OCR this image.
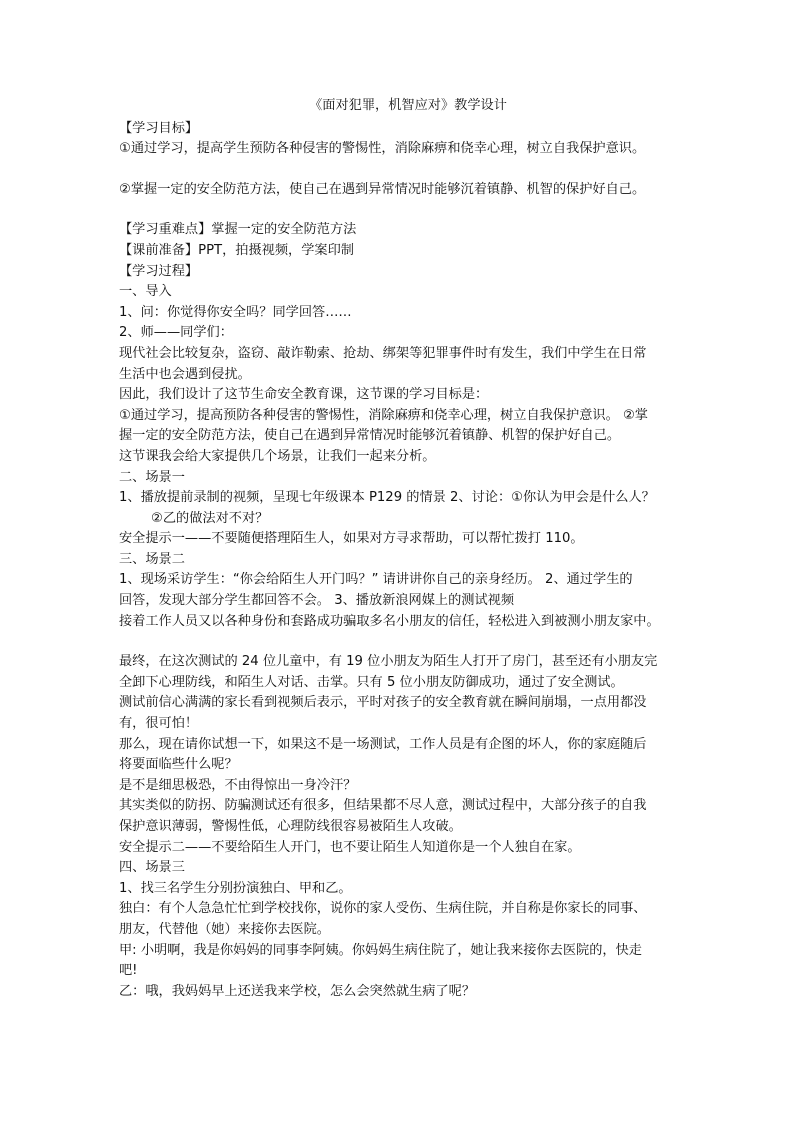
《面对犯罪，机智应对》教学设计
【学习目标】
①通过学习，提高学生预防各种侵害的警惕性，消除麻痹和侥幸心理，树立自我保护意识。
②掌握一定的安全防范方法，使自己在遇到异常情况时能够沉着镇静、机智的保护好自己。
【学习重难点】掌握一定的安全防范方法
【课前准备】PPT，拍摄视频，学案印制
【学习过程】
一、导入
1、问：你觉得你安全吗？同学回答……
2、师——同学们：
现代社会比较复杂，盗窃、敲诈勒索、抢劫、绑架等犯罪事件时有发生，我们中学生在日常
生活中也会遇到侵扰。
因此，我们设计了这节生命安全教育课，这节课的学习目标是：
①通过学习，提高预防各种侵害的警惕性，消除麻痹和侥幸心理，树立自我保护意识。 ②掌
握一定的安全防范方法，使自己在遇到异常情况时能够沉着镇静、机智的保护好自己。
这节课我会给大家提供几个场景，让我们一起来分析。
二、场景一
1、播放提前录制的视频，呈现七年级课本 P129 的情景 2、讨论：①你认为甲会是什么人？
②乙的做法对不对？
安全提示一——不要随便搭理陌生人，如果对方寻求帮助，可以帮忙拨打 110。
三、场景二
1、现场采访学生：“你会给陌生人开门吗？” 请讲讲你自己的亲身经历。 2、通过学生的
回答，发现大部分学生都回答不会。 3、播放新浪网媒上的测试视频
接着工作人员又以各种身份和套路成功骗取多名小朋友的信任，轻松进入到被测小朋友家中。
最终，在这次测试的 24 位儿童中，有 19 位小朋友为陌生人打开了房门，甚至还有小朋友完
全卸下心理防线，和陌生人对话、击掌。只有 5 位小朋友防御成功，通过了安全测试。
测试前信心满满的家长看到视频后表示，平时对孩子的安全教育就在瞬间崩塌，一点用都没
有，很可怕！
那么，现在请你试想一下，如果这不是一场测试，工作人员是有企图的坏人，你的家庭随后
将要面临些什么呢？
是不是细思极恐，不由得惊出一身冷汗？
其实类似的防拐、防骗测试还有很多，但结果都不尽人意，测试过程中，大部分孩子的自我
保护意识薄弱，警惕性低，心理防线很容易被陌生人攻破。
安全提示二——不要给陌生人开门，也不要让陌生人知道你是一个人独自在家。
四、场景三
1、找三名学生分别扮演独白、甲和乙。
独白：有个人急急忙忙到学校找你，说你的家人受伤、生病住院，并自称是你家长的同事、
朋友，代替他（她）来接你去医院。
甲: 小明啊，我是你妈妈的同事李阿姨。你妈妈生病住院了，她让我来接你去医院的，快走
吧!
乙：哦，我妈妈早上还送我来学校，怎么会突然就生病了呢？
